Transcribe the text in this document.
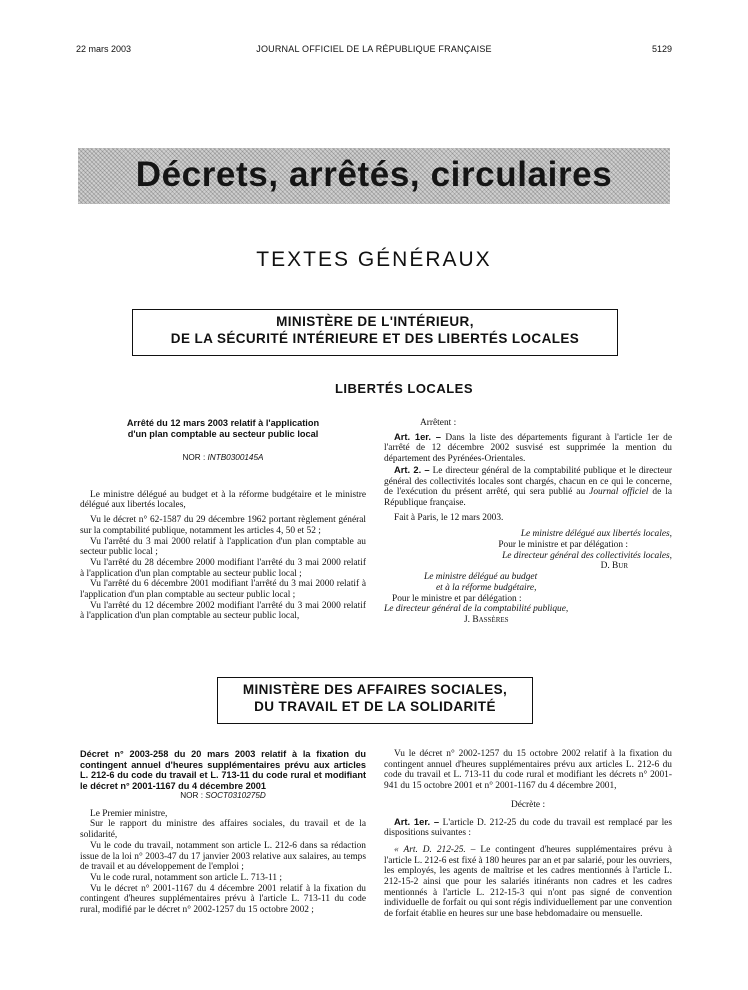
22 mars 2003	JOURNAL OFFICIEL DE LA RÉPUBLIQUE FRANÇAISE	5129
Décrets, arrêtés, circulaires
TEXTES GÉNÉRAUX
MINISTÈRE DE L'INTÉRIEUR,
DE LA SÉCURITÉ INTÉRIEURE ET DES LIBERTÉS LOCALES
LIBERTÉS LOCALES

Arrêté du 12 mars 2003 relatif à l'application
d'un plan comptable au secteur public local

NOR : INTB0300145A

Le ministre délégué au budget et à la réforme budgétaire et le ministre délégué aux libertés locales,

Vu le décret n° 62-1587 du 29 décembre 1962 portant règlement général sur la comptabilité publique, notamment les articles 4, 50 et 52 ;

Vu l'arrêté du 3 mai 2000 relatif à l'application d'un plan comptable au secteur public local ;

Vu l'arrêté du 28 décembre 2000 modifiant l'arrêté du 3 mai 2000 relatif à l'application d'un plan comptable au secteur public local ;

Vu l'arrêté du 6 décembre 2001 modifiant l'arrêté du 3 mai 2000 relatif à l'application d'un plan comptable au secteur public local ;

Vu l'arrêté du 12 décembre 2002 modifiant l'arrêté du 3 mai 2000 relatif à l'application d'un plan comptable au secteur public local,

Arrêtent :

Art. 1er. – Dans la liste des départements figurant à l'article 1er de l'arrêté de 12 décembre 2002 susvisé est supprimée la mention du département des Pyrénées-Orientales.

Art. 2. – Le directeur général de la comptabilité publique et le directeur général des collectivités locales sont chargés, chacun en ce qui le concerne, de l'exécution du présent arrêté, qui sera publié au Journal officiel de la République française.

Fait à Paris, le 12 mars 2003.

Le ministre délégué aux libertés locales,

Pour le ministre et par délégation :

Le directeur général des collectivités locales,

D. Bur

Le ministre délégué au budget

et à la réforme budgétaire,

Pour le ministre et par délégation :

Le directeur général de la comptabilité publique,

J. Bassères

MINISTÈRE DES AFFAIRES SOCIALES,
DU TRAVAIL ET DE LA SOLIDARITÉ

Décret n° 2003-258 du 20 mars 2003 relatif à la fixation du contingent annuel d'heures supplémentaires prévu aux articles L. 212-6 du code du travail et L. 713-11 du code rural et modifiant le décret n° 2001-1167 du 4 décembre 2001

NOR : SOCT0310275D

Le Premier ministre,

Sur le rapport du ministre des affaires sociales, du travail et de la solidarité,

Vu le code du travail, notamment son article L. 212-6 dans sa rédaction issue de la loi n° 2003-47 du 17 janvier 2003 relative aux salaires, au temps de travail et au développement de l'emploi ;

Vu le code rural, notamment son article L. 713-11 ;

Vu le décret n° 2001-1167 du 4 décembre 2001 relatif à la fixation du contingent d'heures supplémentaires prévu à l'article L. 713-11 du code rural, modifié par le décret n° 2002-1257 du 15 octobre 2002 ;

Vu le décret n° 2002-1257 du 15 octobre 2002 relatif à la fixation du contingent annuel d'heures supplémentaires prévu aux articles L. 212-6 du code du travail et L. 713-11 du code rural et modifiant les décrets n° 2001-941 du 15 octobre 2001 et n° 2001-1167 du 4 décembre 2001,

Décrète :

Art. 1er. – L'article D. 212-25 du code du travail est remplacé par les dispositions suivantes :

« Art. D. 212-25. – Le contingent d'heures supplémentaires prévu à l'article L. 212-6 est fixé à 180 heures par an et par salarié, pour les ouvriers, les employés, les agents de maîtrise et les cadres mentionnés à l'article L. 212-15-2 ainsi que pour les salariés itinérants non cadres et les cadres mentionnés à l'article L. 212-15-3 qui n'ont pas signé de convention individuelle de forfait ou qui sont régis individuellement par une convention de forfait établie en heures sur une base hebdomadaire ou mensuelle.
